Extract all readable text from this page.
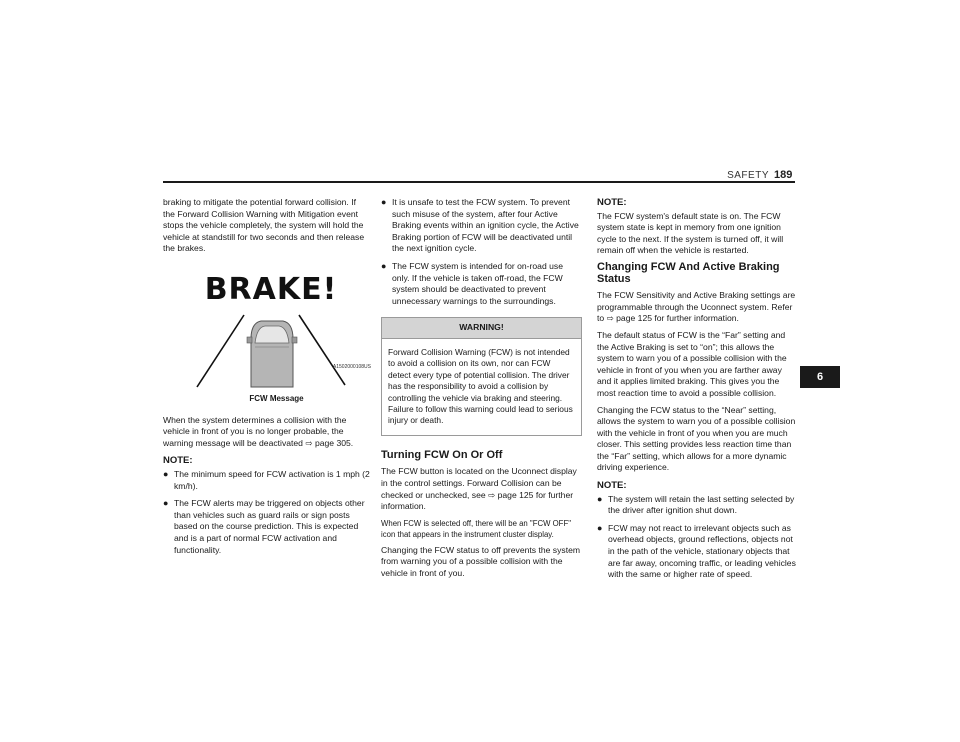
SAFETY 189

braking to mitigate the potential forward collision. If the Forward Collision Warning with Mitigation event stops the vehicle completely, the system will hold the vehicle at standstill for two seconds and then release the brakes.

BRAKE!
A1502000108US
FCW Message

When the system determines a collision with the vehicle in front of you is no longer probable, the warning message will be deactivated ⇨ page 305.

NOTE:
● The minimum speed for FCW activation is 1 mph (2 km/h).
● The FCW alerts may be triggered on objects other than vehicles such as guard rails or sign posts based on the course prediction. This is expected and is a part of normal FCW activation and functionality.
● It is unsafe to test the FCW system. To prevent such misuse of the system, after four Active Braking events within an ignition cycle, the Active Braking portion of FCW will be deactivated until the next ignition cycle.
● The FCW system is intended for on-road use only. If the vehicle is taken off-road, the FCW system should be deactivated to prevent unnecessary warnings to the surroundings.
WARNING!
Forward Collision Warning (FCW) is not intended to avoid a collision on its own, nor can FCW detect every type of potential collision. The driver has the responsibility to avoid a collision by controlling the vehicle via braking and steering. Failure to follow this warning could lead to serious injury or death.
Turning FCW On Or Off

The FCW button is located on the Uconnect display in the control settings. Forward Collision can be checked or unchecked, see ⇨ page 125 for further information.

When FCW is selected off, there will be an "FCW OFF" icon that appears in the instrument cluster display.

Changing the FCW status to off prevents the system from warning you of a possible collision with the vehicle in front of you.

NOTE:

The FCW system's default state is on. The FCW system state is kept in memory from one ignition cycle to the next. If the system is turned off, it will remain off when the vehicle is restarted.

Changing FCW And Active Braking Status

The FCW Sensitivity and Active Braking settings are programmable through the Uconnect system. Refer to ⇨ page 125 for further information.

The default status of FCW is the “Far” setting and the Active Braking is set to “on”; this allows the system to warn you of a possible collision with the vehicle in front of you when you are farther away and it applies limited braking. This gives you the most reaction time to avoid a possible collision.

Changing the FCW status to the “Near” setting, allows the system to warn you of a possible collision with the vehicle in front of you when you are much closer. This setting provides less reaction time than the “Far” setting, which allows for a more dynamic driving experience.

NOTE:
● The system will retain the last setting selected by the driver after ignition shut down.
● FCW may not react to irrelevant objects such as overhead objects, ground reflections, objects not in the path of the vehicle, stationary objects that are far away, oncoming traffic, or leading vehicles with the same or higher rate of speed.
6
